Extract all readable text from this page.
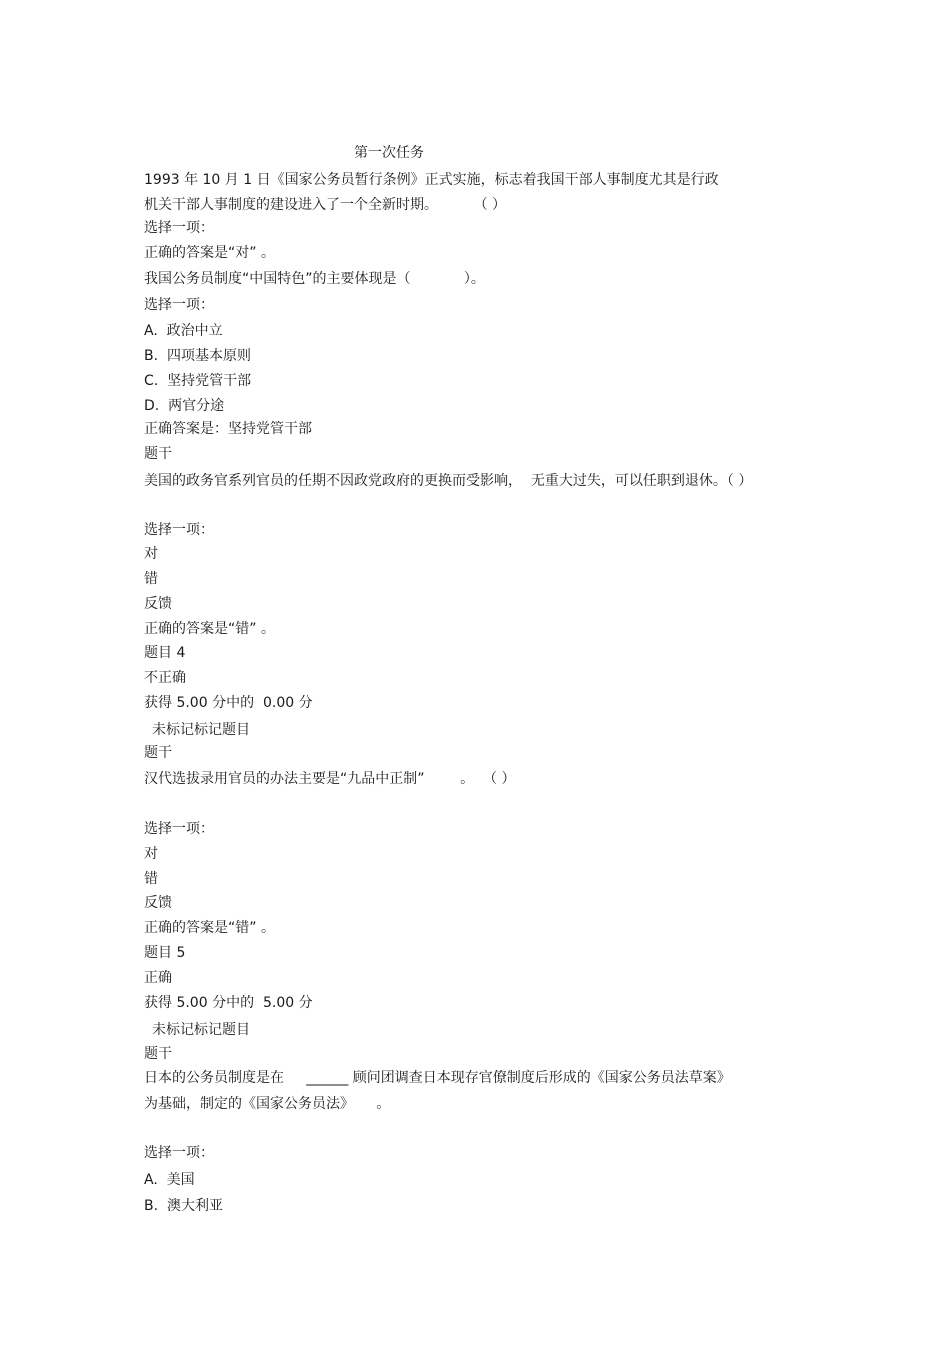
第一次任务
1993 年 10 月 1 日《国家公务员暂行条例》正式实施，标志着我国干部人事制度尤其是行政
机关干部人事制度的建设进入了一个全新时期。        （ ）
选择一项：
正确的答案是“对” 。
我国公务员制度“中国特色”的主要体现是（            ）。
选择一项：
A.  政治中立
B.  四项基本原则
C.  坚持党管干部
D.  两官分途
正确答案是：坚持党管干部
题干
美国的政务官系列官员的任期不因政党政府的更换而受影响，  无重大过失，可以任职到退休。（ ）
选择一项：
对
错
反馈
正确的答案是“错” 。
题目 4
不正确
获得 5.00 分中的  0.00 分
未标记标记题目
题干
汉代选拔录用官员的办法主要是“九品中正制”        。  （ ）
选择一项：
对
错
反馈
正确的答案是“错” 。
题目 5
正确
获得 5.00 分中的  5.00 分
未标记标记题目
题干
日本的公务员制度是在     ______ 顾问团调查日本现存官僚制度后形成的《国家公务员法草案》
为基础，制定的《国家公务员法》     。
选择一项：
A.  美国
B.  澳大利亚
